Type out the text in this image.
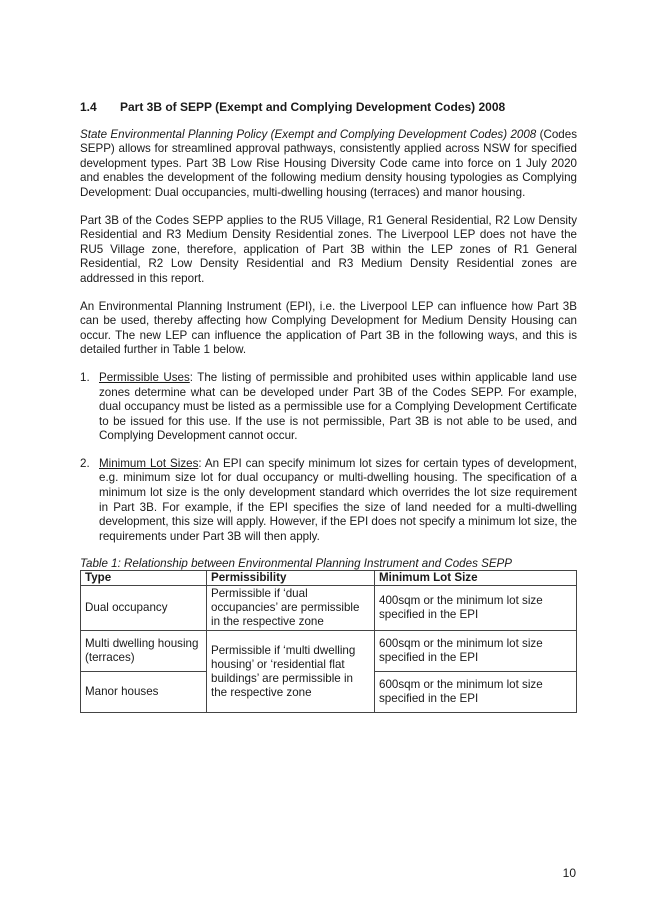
1.4 Part 3B of SEPP (Exempt and Complying Development Codes) 2008

State Environmental Planning Policy (Exempt and Complying Development Codes) 2008 (Codes SEPP) allows for streamlined approval pathways, consistently applied across NSW for specified development types. Part 3B Low Rise Housing Diversity Code came into force on 1 July 2020 and enables the development of the following medium density housing typologies as Complying Development: Dual occupancies, multi-dwelling housing (terraces) and manor housing.

Part 3B of the Codes SEPP applies to the RU5 Village, R1 General Residential, R2 Low Density Residential and R3 Medium Density Residential zones. The Liverpool LEP does not have the RU5 Village zone, therefore, application of Part 3B within the LEP zones of R1 General Residential, R2 Low Density Residential and R3 Medium Density Residential zones are addressed in this report.

An Environmental Planning Instrument (EPI), i.e. the Liverpool LEP can influence how Part 3B can be used, thereby affecting how Complying Development for Medium Density Housing can occur. The new LEP can influence the application of Part 3B in the following ways, and this is detailed further in Table 1 below.

1. Permissible Uses: The listing of permissible and prohibited uses within applicable land use zones determine what can be developed under Part 3B of the Codes SEPP. For example, dual occupancy must be listed as a permissible use for a Complying Development Certificate to be issued for this use. If the use is not permissible, Part 3B is not able to be used, and Complying Development cannot occur.
2. Minimum Lot Sizes: An EPI can specify minimum lot sizes for certain types of development, e.g. minimum size lot for dual occupancy or multi-dwelling housing. The specification of a minimum lot size is the only development standard which overrides the lot size requirement in Part 3B. For example, if the EPI specifies the size of land needed for a multi-dwelling development, this size will apply. However, if the EPI does not specify a minimum lot size, the requirements under Part 3B will then apply.
Table 1: Relationship between Environmental Planning Instrument and Codes SEPP
Type	Permissibility	Minimum Lot Size
Dual occupancy	Permissible if ‘dual occupancies’ are permissible in the respective zone	400sqm or the minimum lot size specified in the EPI
Multi dwelling housing (terraces)	Permissible if ‘multi dwelling housing’ or ‘residential flat buildings’ are permissible in the respective zone	600sqm or the minimum lot size specified in the EPI
Manor houses		600sqm or the minimum lot size specified in the EPI
10
